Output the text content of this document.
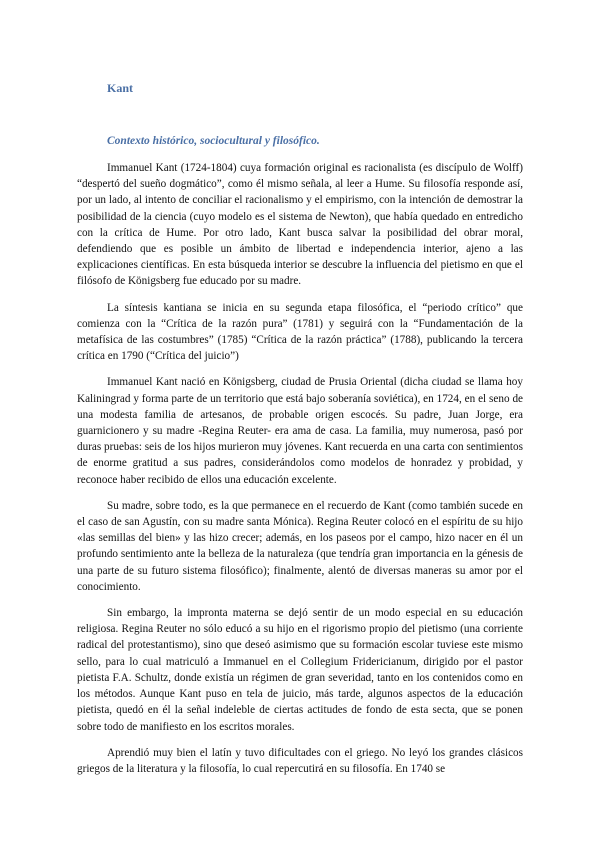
Kant
Contexto histórico, sociocultural y filosófico.

Immanuel Kant (1724-1804) cuya formación original es racionalista (es discípulo de Wolff) “despertó del sueño dogmático”, como él mismo señala, al leer a Hume. Su filosofía responde así, por un lado, al intento de conciliar el racionalismo y el empirismo, con la intención de demostrar la posibilidad de la ciencia (cuyo modelo es el sistema de Newton), que había quedado en entredicho con la crítica de Hume. Por otro lado, Kant busca salvar la posibilidad del obrar moral, defendiendo que es posible un ámbito de libertad e independencia interior, ajeno a las explicaciones científicas. En esta búsqueda interior se descubre la influencia del pietismo en que el filósofo de Königsberg fue educado por su madre.

La síntesis kantiana se inicia en su segunda etapa filosófica, el “periodo crítico” que comienza con la “Crítica de la razón pura” (1781) y seguirá con la “Fundamentación de la metafísica de las costumbres” (1785) “Crítica de la razón práctica” (1788), publicando la tercera crítica en 1790 (“Crítica del juicio”)

Immanuel Kant nació en Königsberg, ciudad de Prusia Oriental (dicha ciudad se llama hoy Kaliningrad y forma parte de un territorio que está bajo soberanía soviética), en 1724, en el seno de una modesta familia de artesanos, de probable origen escocés. Su padre, Juan Jorge, era guarnicionero y su madre -Regina Reuter- era ama de casa. La familia, muy numerosa, pasó por duras pruebas: seis de los hijos murieron muy jóvenes. Kant recuerda en una carta con sentimientos de enorme gratitud a sus padres, considerándolos como modelos de honradez y probidad, y reconoce haber recibido de ellos una educación excelente.

Su madre, sobre todo, es la que permanece en el recuerdo de Kant (como también sucede en el caso de san Agustín, con su madre santa Mónica). Regina Reuter colocó en el espíritu de su hijo «las semillas del bien» y las hizo crecer; además, en los paseos por el campo, hizo nacer en él un profundo sentimiento ante la belleza de la naturaleza (que tendría gran importancia en la génesis de una parte de su futuro sistema filosófico); finalmente, alentó de diversas maneras su amor por el conocimiento.

Sin embargo, la impronta materna se dejó sentir de un modo especial en su educación religiosa. Regina Reuter no sólo educó a su hijo en el rigorismo propio del pietismo (una corriente radical del protestantismo), sino que deseó asimismo que su formación escolar tuviese este mismo sello, para lo cual matriculó a Immanuel en el Collegium Fridericianum, dirigido por el pastor pietista F.A. Schultz, donde existía un régimen de gran severidad, tanto en los contenidos como en los métodos. Aunque Kant puso en tela de juicio, más tarde, algunos aspectos de la educación pietista, quedó en él la señal indeleble de ciertas actitudes de fondo de esta secta, que se ponen sobre todo de manifiesto en los escritos morales.

Aprendió muy bien el latín y tuvo dificultades con el griego. No leyó los grandes clásicos griegos de la literatura y la filosofía, lo cual repercutirá en su filosofía. En 1740 se
